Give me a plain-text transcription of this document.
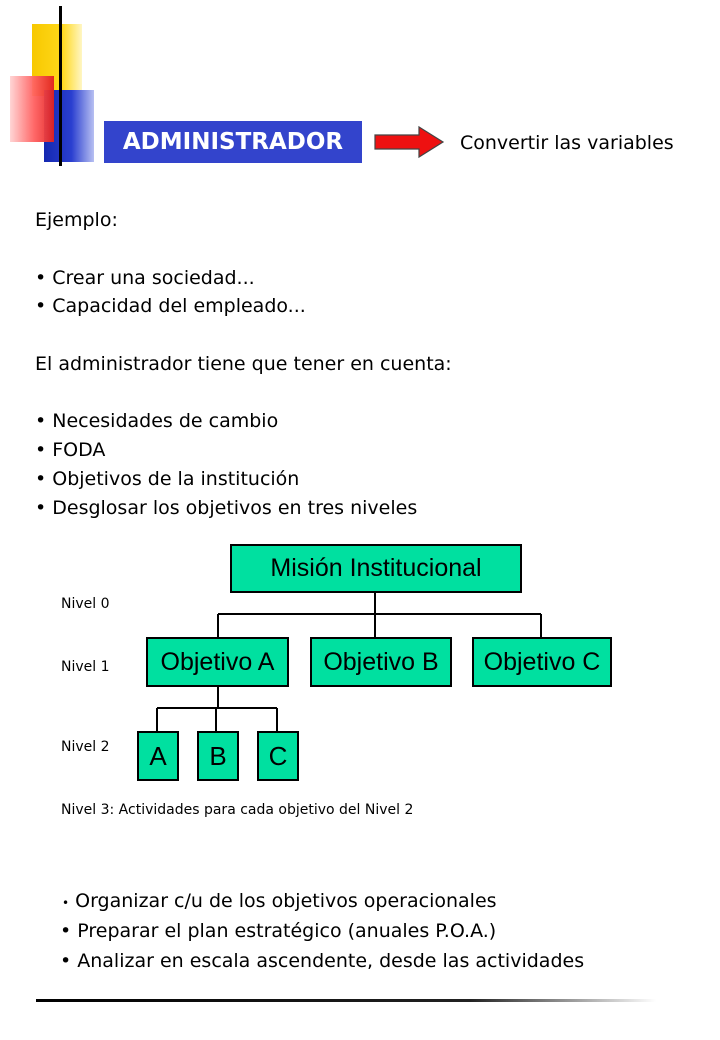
ADMINISTRADOR	Convertir las variables
Ejemplo:
• Crear una sociedad...
• Capacidad del empleado...
El administrador tiene que tener en cuenta:
• Necesidades de cambio
• FODA
• Objetivos de la institución
• Desglosar los objetivos en tres niveles
Misión Institucional
Objetivo A	Objetivo B	Objetivo C
A	B	C
Nivel 0
Nivel 1
Nivel 2
Nivel 3: Actividades para cada objetivo del Nivel 2
• Organizar c/u de los objetivos operacionales
• Preparar el plan estratégico (anuales P.O.A.)
• Analizar en escala ascendente, desde las actividades
